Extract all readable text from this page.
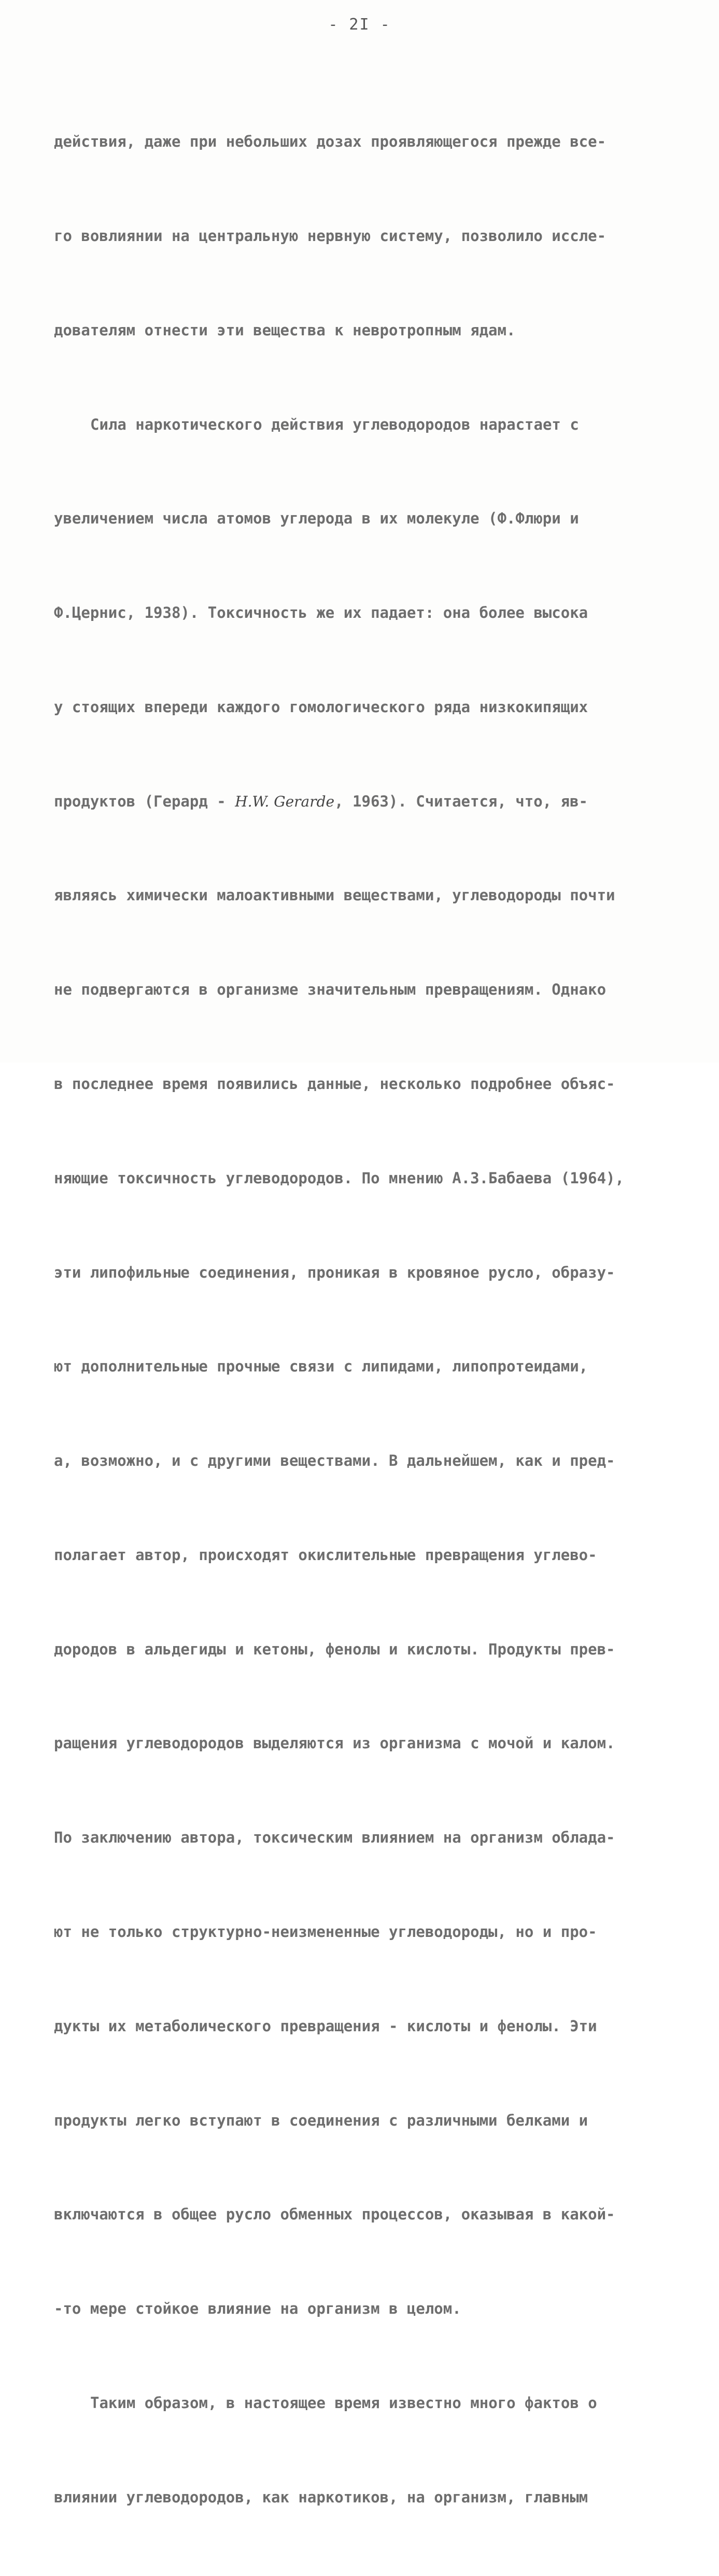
- 2I -

действия, даже при небольших дозах проявляющегося прежде все-

го вовлиянии на центральную нервную систему, позволило иссле-

дователям отнести эти вещества к невротропным ядам.

Сила наркотического действия углеводородов нарастает с

увеличением числа атомов углерода в их молекуле (Ф.Флюри и

Ф.Цернис, 1938). Токсичность же их падает: она более высока

у стоящих впереди каждого гомологического ряда низкокипящих

продуктов (Герард - H.W. Gerarde, 1963). Считается, что, яв-

являясь химически малоактивными веществами, углеводороды почти

не подвергаются в организме значительным превращениям. Однако

в последнее время появились данные, несколько подробнее объяс-

няющие токсичность углеводородов. По мнению А.З.Бабаева (1964),

эти липофильные соединения, проникая в кровяное русло, образу-

ют дополнительные прочные связи с липидами, липопротеидами,

а, возможно, и с другими веществами. В дальнейшем, как и пред-

полагает автор, происходят окислительные превращения углево-

дородов в альдегиды и кетоны, фенолы и кислоты. Продукты прев-

ращения углеводородов выделяются из организма с мочой и калом.

По заключению автора, токсическим влиянием на организм облада-

ют не только структурно-неизмененные углеводороды, но и про-

дукты их метаболического превращения - кислоты и фенолы. Эти

продукты легко вступают в соединения с различными белками и

включаются в общее русло обменных процессов, оказывая в какой-

-то мере стойкое влияние на организм в целом.

Таким образом, в настоящее время известно много фактов о

влиянии углеводородов, как наркотиков, на организм, главным
